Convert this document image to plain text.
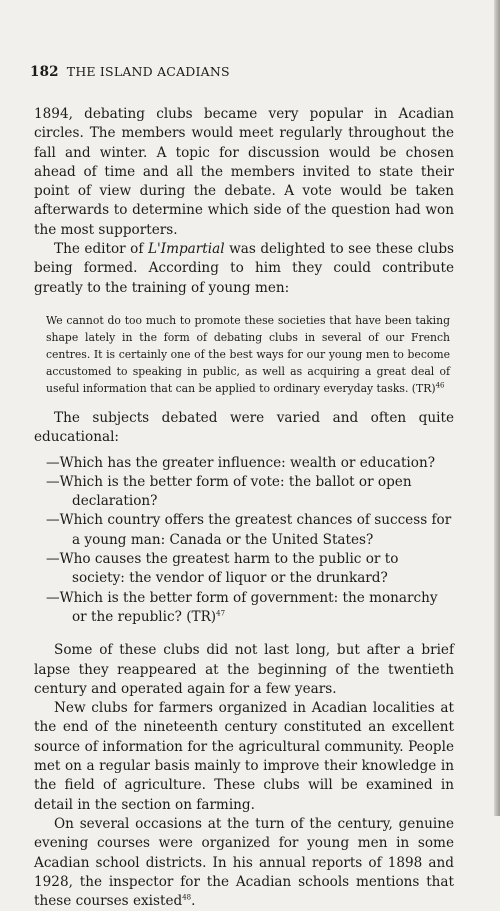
182 THE ISLAND ACADIANS

1894, debating clubs became very popular in Acadian circles. The members would meet regularly throughout the fall and winter. A topic for discussion would be chosen ahead of time and all the members invited to state their point of view during the debate. A vote would be taken afterwards to determine which side of the question had won the most supporters.

The editor of L'Impartial was delighted to see these clubs being formed. According to him they could contribute greatly to the training of young men:

We cannot do too much to promote these societies that have been taking shape lately in the form of debating clubs in several of our French centres. It is certainly one of the best ways for our young men to become accustomed to speaking in public, as well as acquiring a great deal of useful information that can be applied to ordinary everyday tasks. (TR)$^{46}$

The subjects debated were varied and often quite educational:

—Which has the greater influence: wealth or education?
—Which is the better form of vote: the ballot or open declaration?
—Which country offers the greatest chances of success for a young man: Canada or the United States?
—Who causes the greatest harm to the public or to society: the vendor of liquor or the drunkard?
—Which is the better form of government: the monarchy or the republic? (TR)$^{47}$

Some of these clubs did not last long, but after a brief lapse they reappeared at the beginning of the twentieth century and operated again for a few years.

New clubs for farmers organized in Acadian localities at the end of the nineteenth century constituted an excellent source of information for the agricultural community. People met on a regular basis mainly to improve their knowledge in the field of agriculture. These clubs will be examined in detail in the section on farming.

On several occasions at the turn of the century, genuine evening courses were organized for young men in some Acadian school districts. In his annual reports of 1898 and 1928, the inspector for the Acadian schools mentions that these courses existed$^{48}$.
